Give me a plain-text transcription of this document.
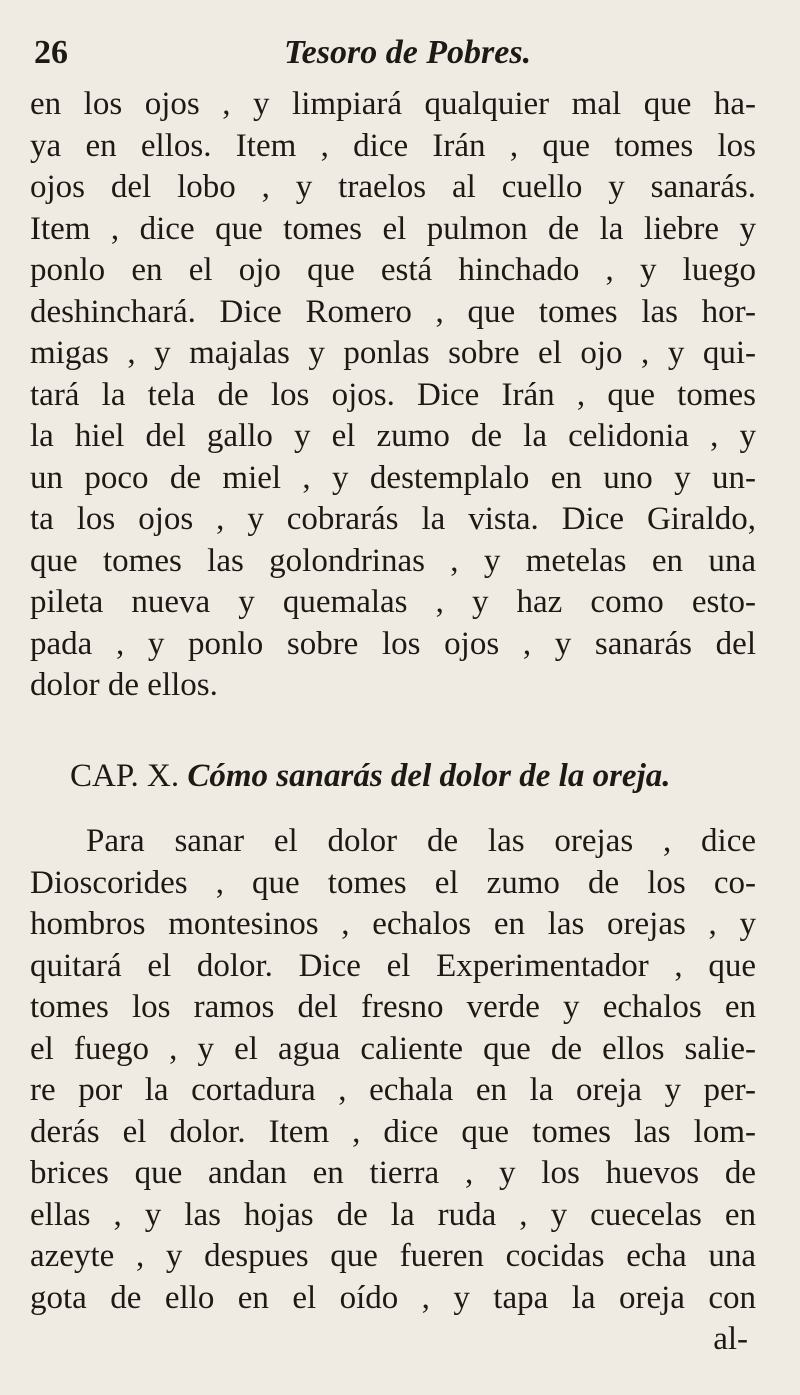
26	Tesoro de Pobres.

en los ojos , y limpiará qualquier mal que ha-
ya en ellos. Item , dice Irán , que tomes los
ojos del lobo , y traelos al cuello y sanarás.
Item , dice que tomes el pulmon de la liebre y
ponlo en el ojo que está hinchado , y luego
deshinchará. Dice Romero , que tomes las hor-
migas , y majalas y ponlas sobre el ojo , y qui-
tará la tela de los ojos. Dice Irán , que tomes
la hiel del gallo y el zumo de la celidonia , y
un poco de miel , y destemplalo en uno y un-
ta los ojos , y cobrarás la vista. Dice Giraldo,
que tomes las golondrinas , y metelas en una
pileta nueva y quemalas , y haz como esto-
pada , y ponlo sobre los ojos , y sanarás del
dolor de ellos.

CAP. X. Cómo sanarás del dolor de la oreja.

Para sanar el dolor de las orejas , dice
Dioscorides , que tomes el zumo de los co-
hombros montesinos , echalos en las orejas , y
quitará el dolor. Dice el Experimentador , que
tomes los ramos del fresno verde y echalos en
el fuego , y el agua caliente que de ellos salie-
re por la cortadura , echala en la oreja y per-
derás el dolor. Item , dice que tomes las lom-
brices que andan en tierra , y los huevos de
ellas , y las hojas de la ruda , y cuecelas en
azeyte , y despues que fueren cocidas echa una
gota de ello en el oído , y tapa la oreja con

al-
